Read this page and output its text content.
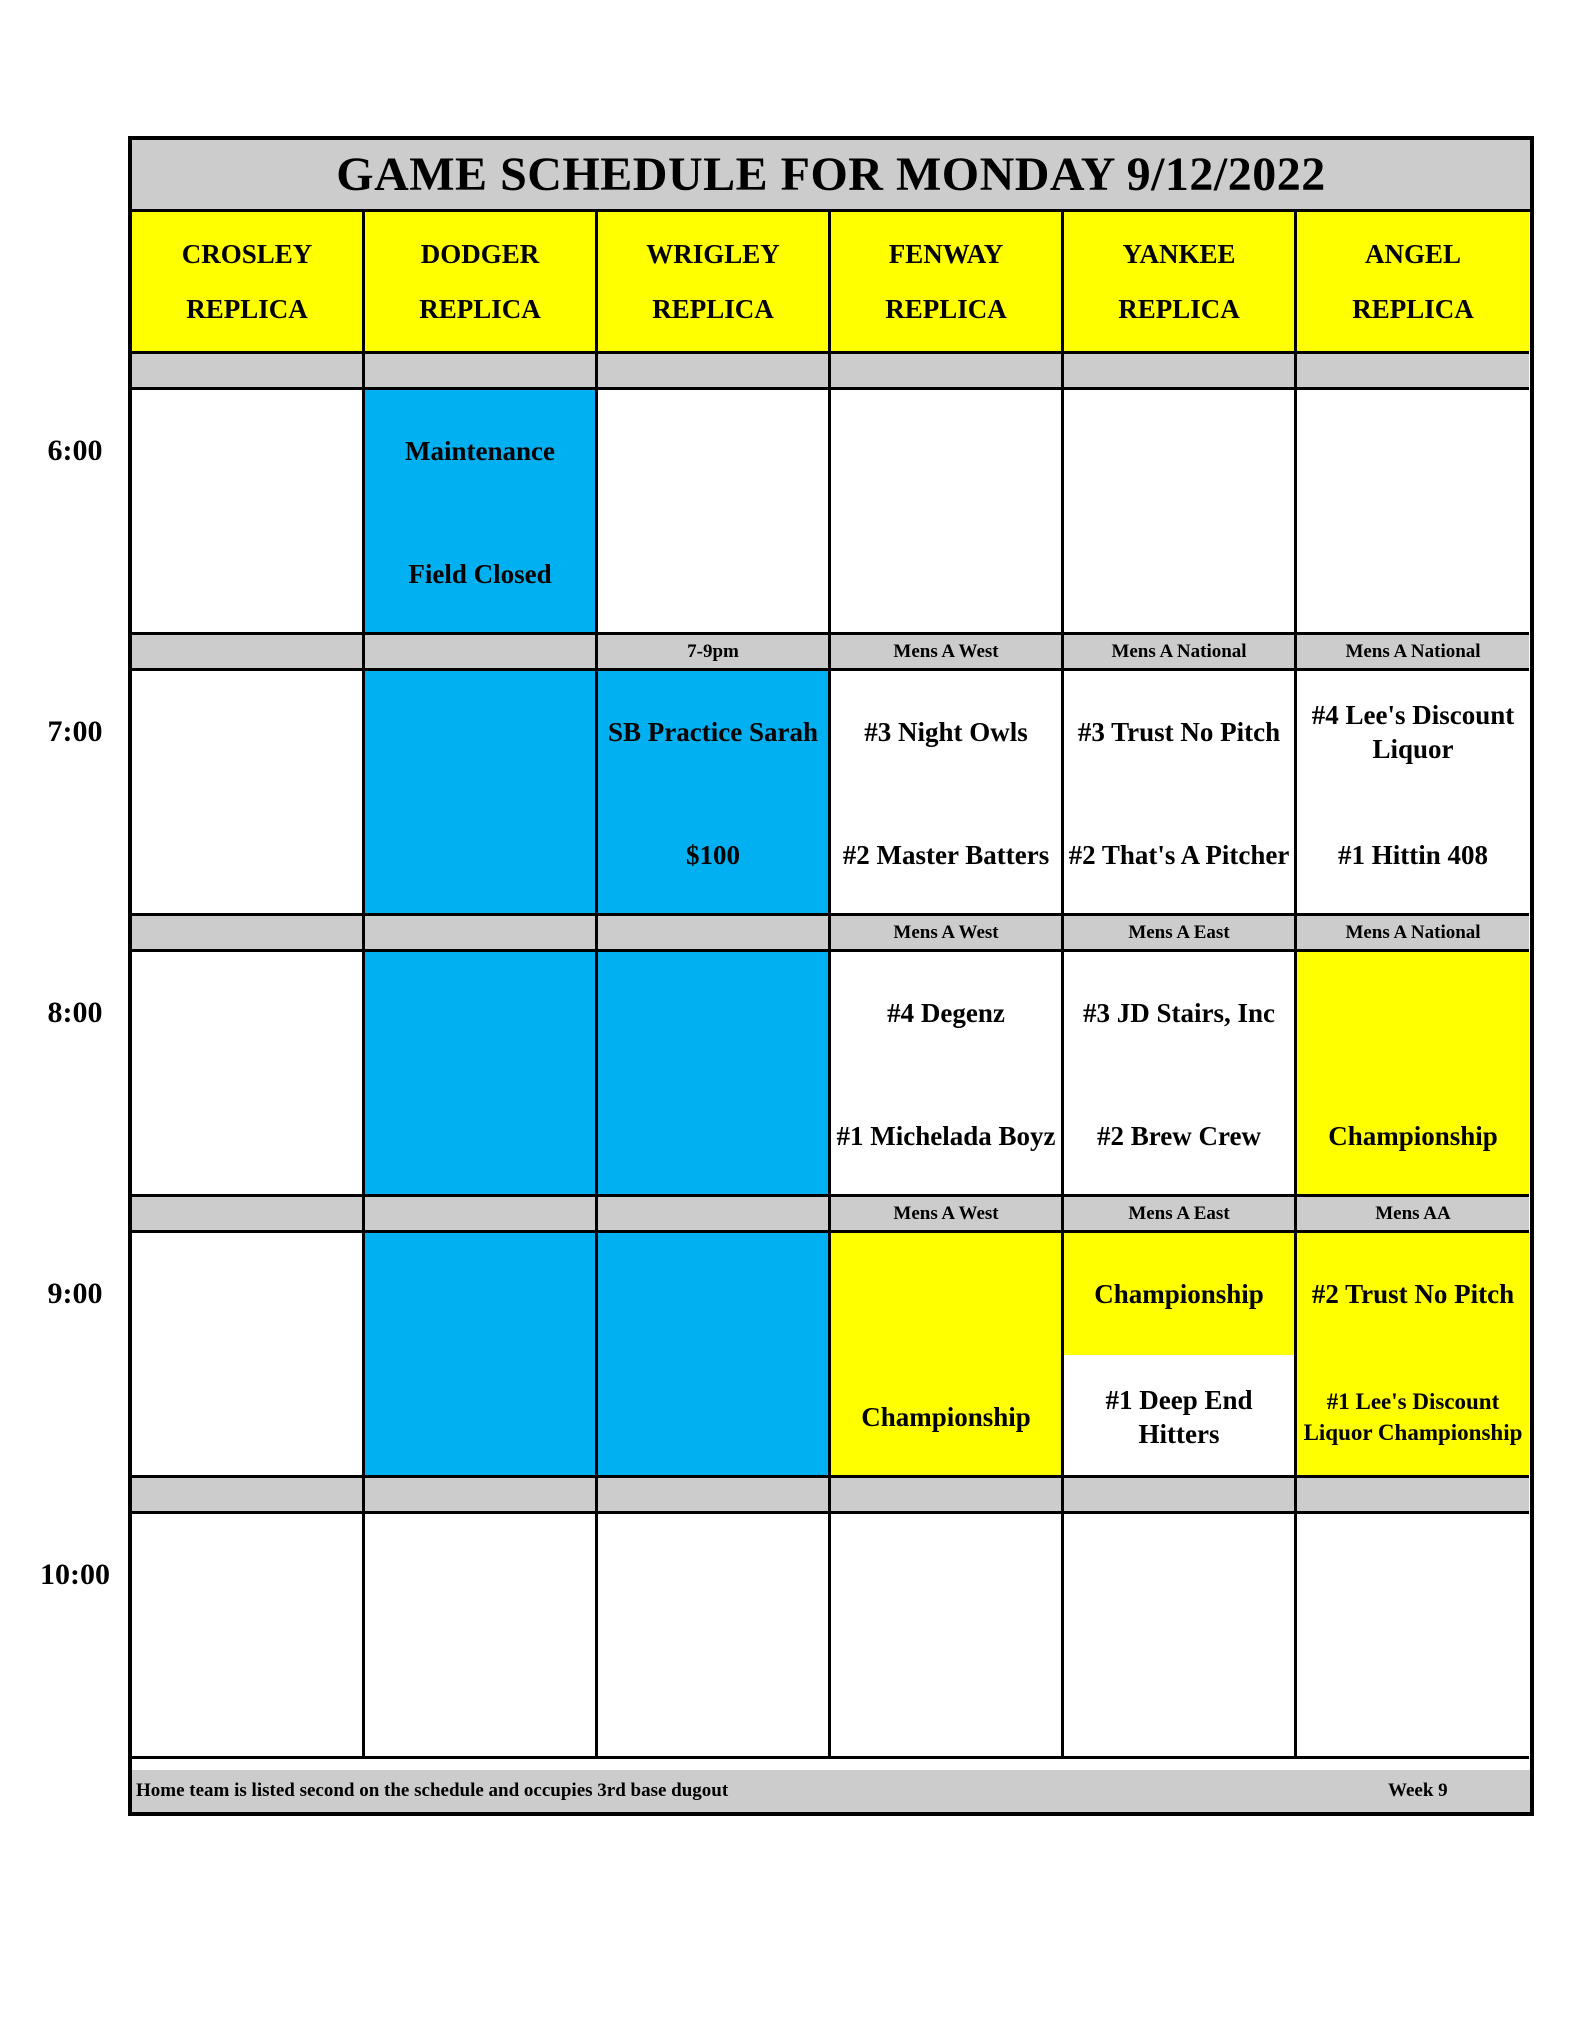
GAME SCHEDULE FOR MONDAY 9/12/2022
CROSLEY
REPLICA
DODGER
REPLICA
WRIGLEY
REPLICA
FENWAY
REPLICA
YANKEE
REPLICA
ANGEL
REPLICA
Maintenance
Field Closed
7-9pm
SB Practice Sarah
$100
Mens A West
#3 Night Owls
#2 Master Batters
Mens A National
#3 Trust No Pitch
#2 That's A Pitcher
Mens A National
#4 Lee's Discount Liquor
#1 Hittin 408
Mens A West
#4 Degenz
#1 Michelada Boyz
Mens A East
#3 JD Stairs, Inc
#2 Brew Crew
Mens A National
Championship
Mens A West
Championship
Mens A East
Championship
#1 Deep End Hitters
Mens AA
#2 Trust No Pitch
#1 Lee's Discount Liquor Championship
Home team is listed second on the schedule and occupies 3rd base dugout	Week 9
6:00
7:00
8:00
9:00
10:00
